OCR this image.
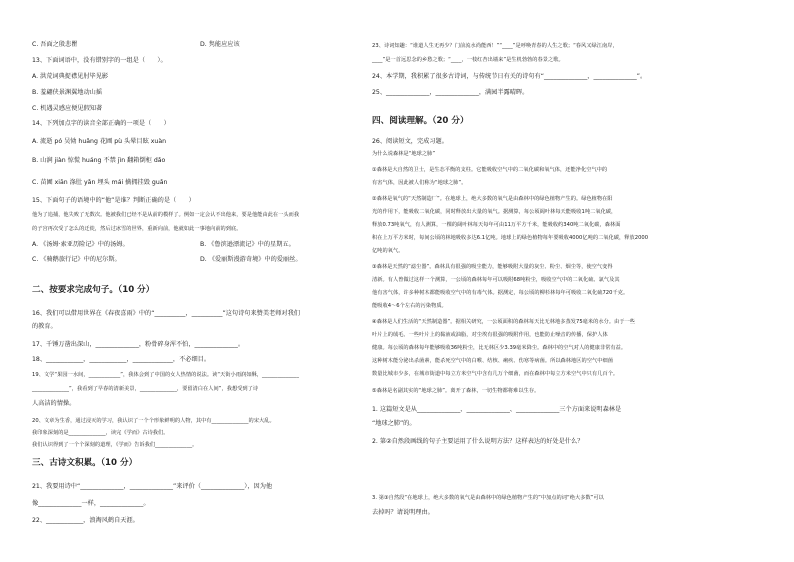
C. 吾面之殷悲瞿	D. 隽能应应该
13、下面词语中，没有错别字的一组是（　　）。
A. 洪荒词典捉襟见肘毕见影
B. 羞翩侠景渊翼地动山摇
C. 机遇灵感应便见假知著
14、下列加点字的读音全部正确的一项是（　　）
A. 流逝 pó 吴恸 huǎng 花圃 pù 头晕目眩 xuàn
B. 山涧 jiàn 惊慌 huáng 不禁 jìn 翻箱倒柜 dǎo
C. 苗圃 xiān 涤肚 yǎn 埋头 mái 擒拥挂毁 guǎn
15、下面句子的语境中的“他”是谁？判断正确的是（　　）
他为了追捕，他失败了无数次。他被我们已经不是从前的模样了。例如一定会认不出他来，要是他能由此在一头而我
的子宫再次受了怎么的迁徙，然后过冰雪的世界，重新向前，他就如此一事地向前的到底。
A. 《汤姆·索亚历险记》中的汤姆。	B. 《鲁滨逊漂流记》中的星期五。
C. 《骑鹅旅行记》中的尼尔斯。	D. 《爱丽斯漫游奇境》中的爱丽丝。
二、按要求完成句子。（10 分）
16、我们可以借用世界在《春夜喜雨》中的“__________，__________”这句诗句来赞美老师对我们
的教育。
17、千锤万凿出深山，______________，粉骨碎身浑不怕，______________。
18、____________，____________，_____________，不必细目。
19、文学“果园一水间，____________”，我体会到了中国的女人热情的说法。读“天街小雨润如酥，______________
______________”，我看到了早春的清新美景，______________，要留清白在人间”，我想受到了诗
人高洁的情操。
20、文章为生香，通过浸灭的学习，我认识了一个个形象鲜明的人物，其中有______________的宋大乱。
我印象深刻的是______________，读完《学而》古诗我们。
我们认识得到了一个个深刻的道理，《学而》告诉我们______________。
三、古诗文积累。（10 分）
21、我要用诗中“______________，______________”来评价（______________），因为他
像______________一样，______________。
22、____________，浪淘风鹤自天涯。
23、诗词知趣：“谁道人生无再少？门前流水尚能西！”“____”是呼唤青春的人生之歌；“春风又绿江南岸，
____”是一首远思念的乡愁之歌；“____，一枝红杏出墙来”是生机勃勃的春景之歌。
24、本学期，我积累了很多古诗词，与传统节日有关的诗句有“______________，______________”。
25、______________，______________，满园半露晴晖。
四、阅读理解。（20 分）
26、阅读短文，完成习题。
为什么说森林是“地球之肺”
①森林是大自然的卫士，是生态平衡的支柱。它能吸收空气中的二氧化碳和氧气体，还能净化空气中的
有害气体，因此被人们称为“地球之肺”。
②森林是氧气的“天然制造厂”。在地球上，绝大多数的氧气是由森林中的绿色植物产生的。绿色植物在阳
光的作用下，能吸收二氧化碳，同时释放出大量的氧气。据测算，每公顷阔叶林每天能吸收1吨二氧化碳，
释放0.73吨氧气，有人测算，一棵的阔叶林每天每年可由11万平方千米，能吸收约340吨二氧化碳，森林面
积在上万平方米时，每间公顷的林地吸收多达6.1亿吨。地球上的绿色植物每年要吸收4000亿吨的二氧化碳，释放2000
亿吨的氧气。
③森林是天然的“滤尘器”。森林具有很强的吸尘能力，能够吸附大量的灰尘、粉尘、烟尘等，使空气变得
清新。有人曾做过这样一个测算，一公顷的森林每年可以吸附68吨粉尘，吸收空气中的二氧化硫、氯气及其
他有害气体，许多种树木都能吸收空气中的有毒气体。据测定，每公顷的柳杉林每年可吸收二氧化硫720千克。
能吸收4～6个左右的污染物质。
④森林是人们生活的“天然制造器”。据相关研究，一公顷面积的森林每天比无林地多蒸发75毫米的水分。由于一些
叶片上的绒毛、一些叶片上的黏液或油脂，对尘埃有很强的吸附作用，也能防止噪音的传播，保护人体
健康。每公顷的森林每年能够吸收36吨粉尘，比无林区少3.39毫米降尘。森林中的空气对人的健康非常有益。
这种树木能分泌出杀菌素，能杀死空气中的白喉、结核、痢疾、伤寒等病菌。所以森林地区的空气中细菌
数量比城市少多，在城市街道中每立方米空气中含有几万个细菌，而在森林中每立方米空气中只有几百个。
⑤森林是名副其实的“地球之肺”。离开了森林，一切生物都将难以生存。
1. 这篇短文是从______________、______________、______________三个方面来说明森林是
“地球之肺”的。
2. 第②自然段画线的句子主要运用了什么说明方法？这样表达的好处是什么？
3. 第③自然段“在地球上，绝大多数的氧气是由森林中的绿色植物产生的”中加点的词“绝大多数”可以
去掉吗？请说明理由。
